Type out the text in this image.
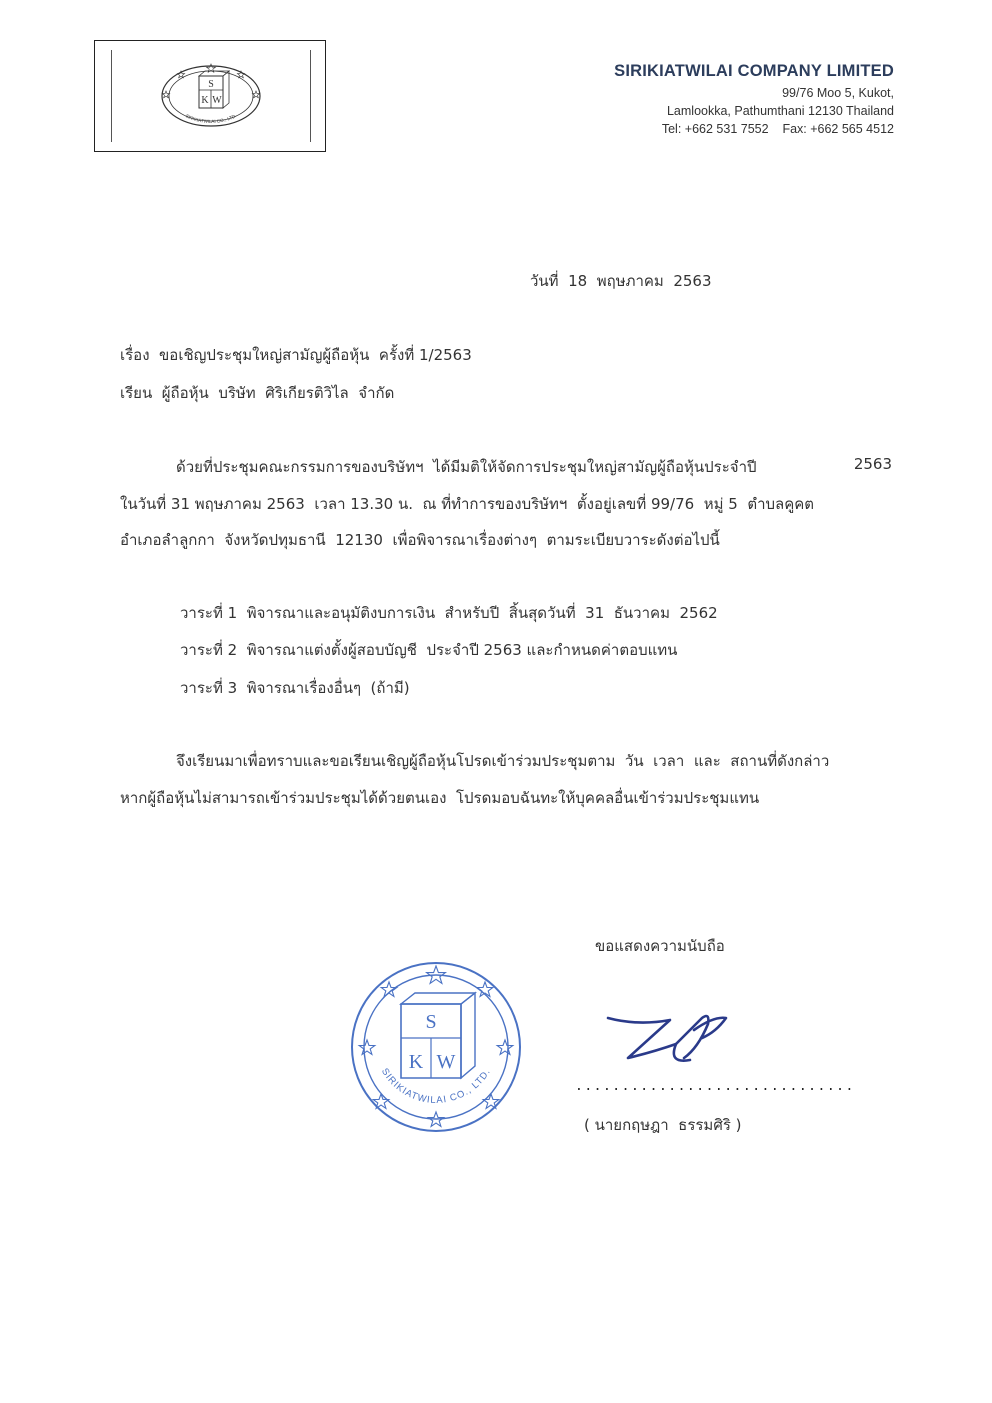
S
K W
SIRIKIATWILAI CO., LTD.
SIRIKIATWILAI COMPANY LIMITED
99/76 Moo 5, Kukot,
Lamlookka, Pathumthani 12130 Thailand
Tel: +662 531 7552    Fax: +662 565 4512
วันที่  18  พฤษภาคม  2563
เรื่อง  ขอเชิญประชุมใหญ่สามัญผู้ถือหุ้น  ครั้งที่ 1/2563
เรียน  ผู้ถือหุ้น  บริษัท  ศิริเกียรติวิไล  จำกัด
ด้วยที่ประชุมคณะกรรมการของบริษัทฯ  ได้มีมติให้จัดการประชุมใหญ่สามัญผู้ถือหุ้นประจำปี	2563
ในวันที่ 31 พฤษภาคม 2563  เวลา 13.30 น.  ณ ที่ทำการของบริษัทฯ  ตั้งอยู่เลขที่ 99/76  หมู่ 5  ตำบลคูคต
อำเภอลำลูกกา  จังหวัดปทุมธานี  12130  เพื่อพิจารณาเรื่องต่างๆ  ตามระเบียบวาระดังต่อไปนี้
วาระที่ 1  พิจารณาและอนุมัติงบการเงิน  สำหรับปี  สิ้นสุดวันที่  31  ธันวาคม  2562
วาระที่ 2  พิจารณาแต่งตั้งผู้สอบบัญชี  ประจำปี 2563 และกำหนดค่าตอบแทน
วาระที่ 3  พิจารณาเรื่องอื่นๆ  (ถ้ามี)
จึงเรียนมาเพื่อทราบและขอเรียนเชิญผู้ถือหุ้นโปรดเข้าร่วมประชุมตาม  วัน  เวลา  และ  สถานที่ดังกล่าว
หากผู้ถือหุ้นไม่สามารถเข้าร่วมประชุมได้ด้วยตนเอง  โปรดมอบฉันทะให้บุคคลอื่นเข้าร่วมประชุมแทน
ขอแสดงความนับถือ
S
K W
SIRIKIATWILAI CO., LTD.
..............................
( นายกฤษฎา  ธรรมศิริ )
